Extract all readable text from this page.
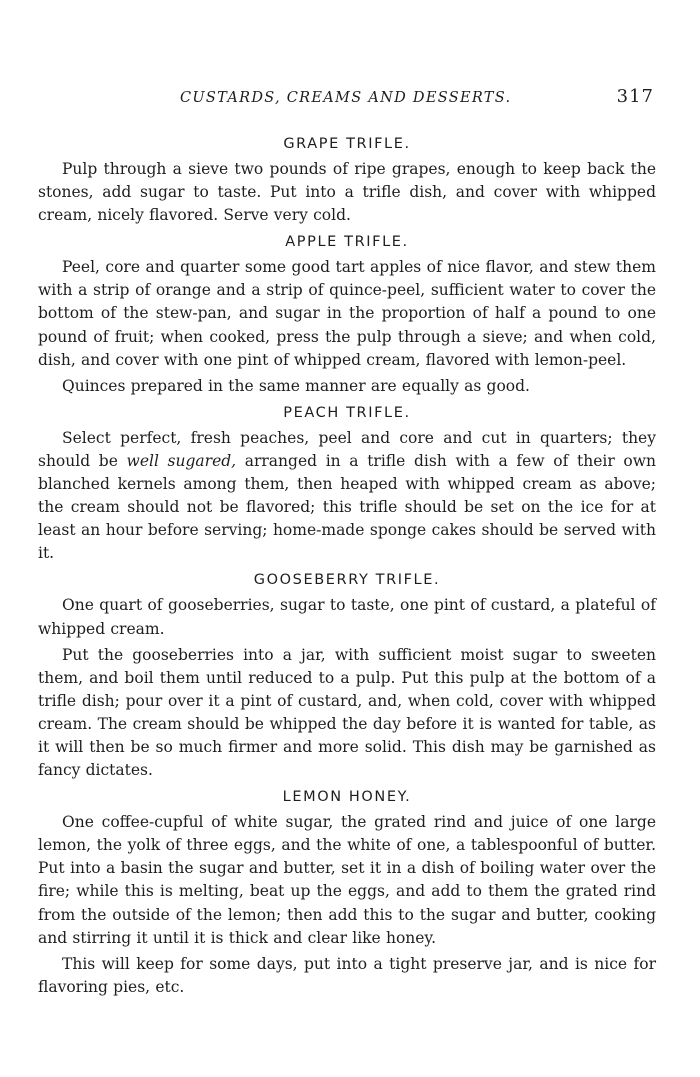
CUSTARDS, CREAMS AND DESSERTS.	317
GRAPE TRIFLE.

Pulp through a sieve two pounds of ripe grapes, enough to keep back the stones, add sugar to taste. Put into a trifle dish, and cover with whipped cream, nicely flavored. Serve very cold.

APPLE TRIFLE.

Peel, core and quarter some good tart apples of nice flavor, and stew them with a strip of orange and a strip of quince-peel, sufficient water to cover the bottom of the stew-pan, and sugar in the proportion of half a pound to one pound of fruit; when cooked, press the pulp through a sieve; and when cold, dish, and cover with one pint of whipped cream, flavored with lemon-peel.

Quinces prepared in the same manner are equally as good.

PEACH TRIFLE.

Select perfect, fresh peaches, peel and core and cut in quarters; they should be well sugared, arranged in a trifle dish with a few of their own blanched kernels among them, then heaped with whipped cream as above; the cream should not be flavored; this trifle should be set on the ice for at least an hour before serving; home-made sponge cakes should be served with it.

GOOSEBERRY TRIFLE.

One quart of gooseberries, sugar to taste, one pint of custard, a plateful of whipped cream.

Put the gooseberries into a jar, with sufficient moist sugar to sweeten them, and boil them until reduced to a pulp. Put this pulp at the bottom of a trifle dish; pour over it a pint of custard, and, when cold, cover with whipped cream. The cream should be whipped the day before it is wanted for table, as it will then be so much firmer and more solid. This dish may be garnished as fancy dictates.

LEMON HONEY.

One coffee-cupful of white sugar, the grated rind and juice of one large lemon, the yolk of three eggs, and the white of one, a tablespoonful of butter. Put into a basin the sugar and butter, set it in a dish of boiling water over the fire; while this is melting, beat up the eggs, and add to them the grated rind from the outside of the lemon; then add this to the sugar and butter, cooking and stirring it until it is thick and clear like honey.

This will keep for some days, put into a tight preserve jar, and is nice for flavoring pies, etc.
